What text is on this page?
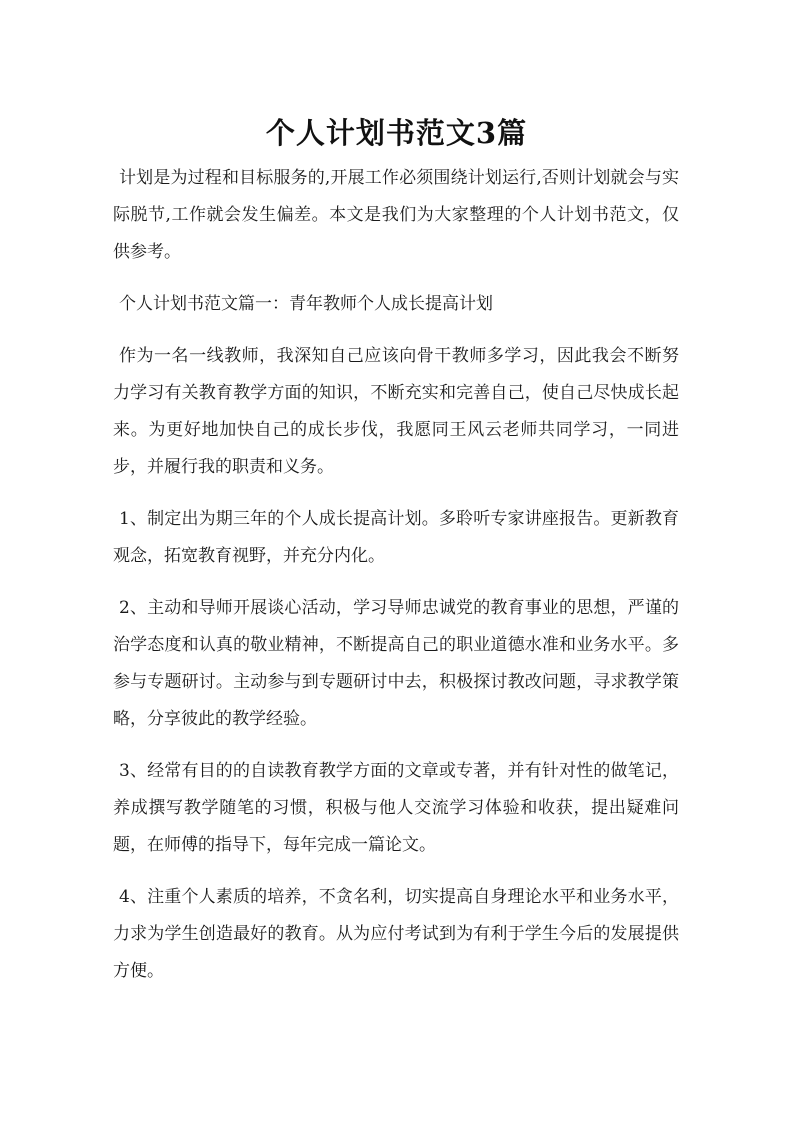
个人计划书范文3篇

计划是为过程和目标服务的,开展工作必须围绕计划运行,否则计划就会与实际脱节,工作就会发生偏差。本文是我们为大家整理的个人计划书范文，仅供参考。

个人计划书范文篇一：青年教师个人成长提高计划

作为一名一线教师，我深知自己应该向骨干教师多学习，因此我会不断努力学习有关教育教学方面的知识，不断充实和完善自己，使自己尽快成长起来。为更好地加快自己的成长步伐，我愿同王风云老师共同学习，一同进步，并履行我的职责和义务。

1、制定出为期三年的个人成长提高计划。多聆听专家讲座报告。更新教育观念，拓宽教育视野，并充分内化。

2、主动和导师开展谈心活动，学习导师忠诚党的教育事业的思想，严谨的治学态度和认真的敬业精神，不断提高自己的职业道德水准和业务水平。多参与专题研讨。主动参与到专题研讨中去，积极探讨教改问题，寻求教学策略，分享彼此的教学经验。

3、经常有目的的自读教育教学方面的文章或专著，并有针对性的做笔记，养成撰写教学随笔的习惯，积极与他人交流学习体验和收获，提出疑难问题，在师傅的指导下，每年完成一篇论文。

4、注重个人素质的培养，不贪名利，切实提高自身理论水平和业务水平，力求为学生创造最好的教育。从为应付考试到为有利于学生今后的发展提供方便。
